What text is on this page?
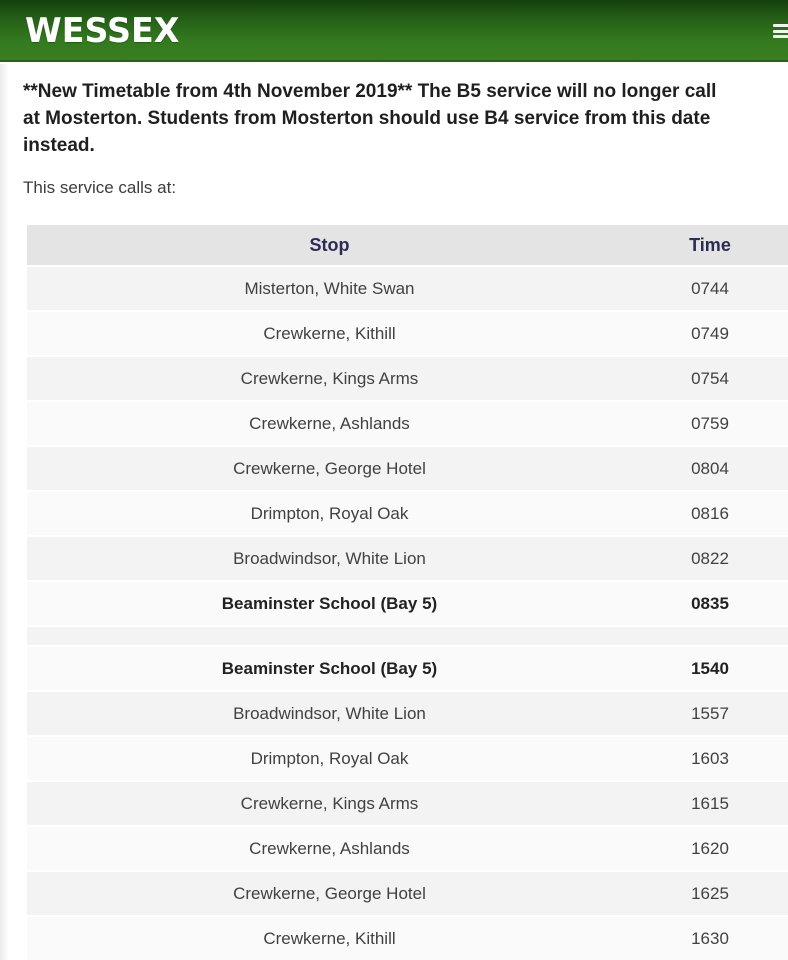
WESSEX

**New Timetable from 4th November 2019** The B5 service will no longer call at Mosterton. Students from Mosterton should use B4 service from this date instead.

This service calls at:

Stop	Time
Misterton, White Swan	0744
Crewkerne, Kithill	0749
Crewkerne, Kings Arms	0754
Crewkerne, Ashlands	0759
Crewkerne, George Hotel	0804
Drimpton, Royal Oak	0816
Broadwindsor, White Lion	0822
Beaminster School (Bay 5)	0835

Beaminster School (Bay 5)	1540
Broadwindsor, White Lion	1557
Drimpton, Royal Oak	1603
Crewkerne, Kings Arms	1615
Crewkerne, Ashlands	1620
Crewkerne, George Hotel	1625
Crewkerne, Kithill	1630
